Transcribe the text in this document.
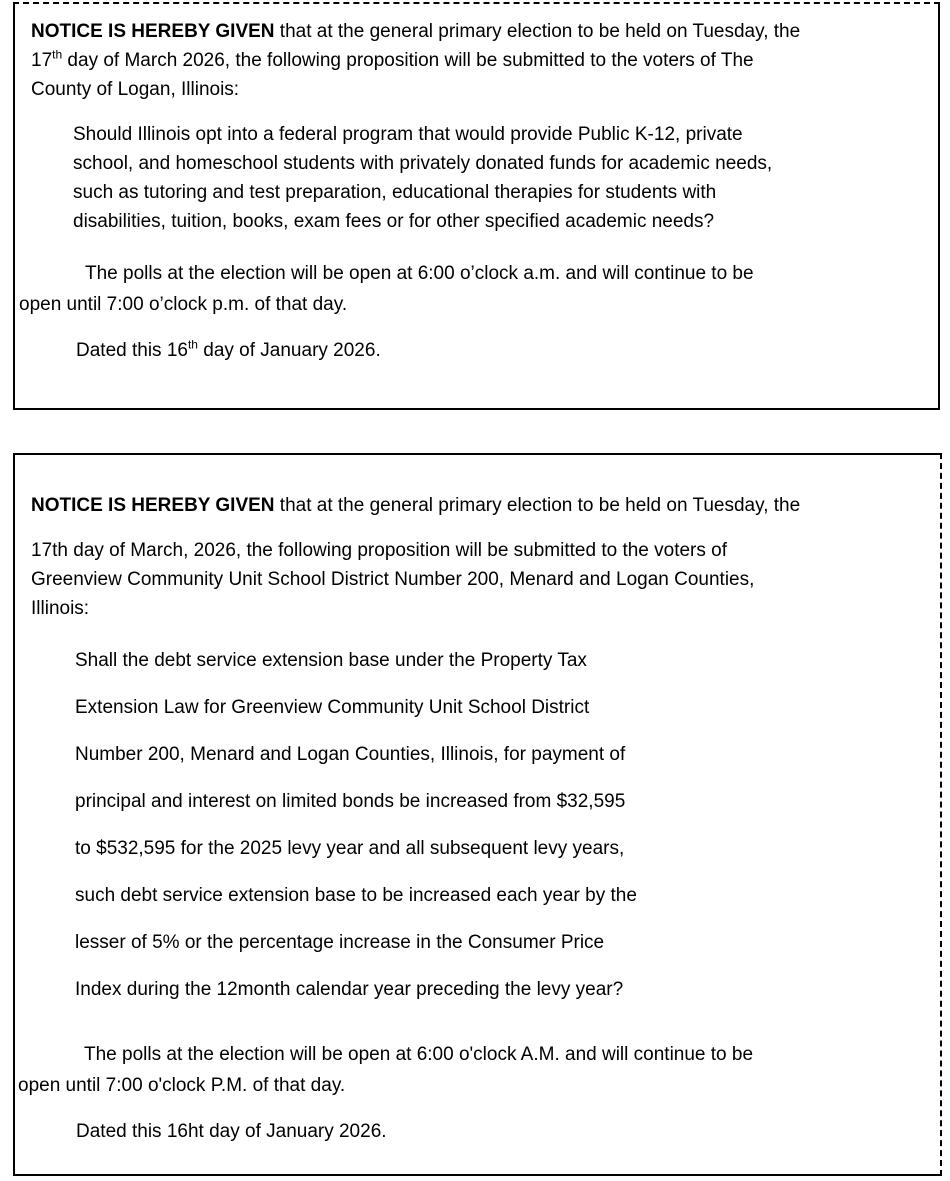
NOTICE IS HEREBY GIVEN that at the general primary election to be held on Tuesday, the
17th day of March 2026, the following proposition will be submitted to the voters of The
County of Logan, Illinois:
Should Illinois opt into a federal program that would provide Public K-12, private
school, and homeschool students with privately donated funds for academic needs,
such as tutoring and test preparation, educational therapies for students with
disabilities, tuition, books, exam fees or for other specified academic needs?
The polls at the election will be open at 6:00 o’clock a.m. and will continue to be
open until 7:00 o’clock p.m. of that day.
Dated this 16th day of January 2026.
NOTICE IS HEREBY GIVEN that at the general primary election to be held on Tuesday, the
17th day of March, 2026, the following proposition will be submitted to the voters of
Greenview Community Unit School District Number 200, Menard and Logan Counties,
Illinois:
Shall the debt service extension base under the Property Tax
Extension Law for Greenview Community Unit School District
Number 200, Menard and Logan Counties, Illinois, for payment of
principal and interest on limited bonds be increased from $32,595
to $532,595 for the 2025 levy year and all subsequent levy years,
such debt service extension base to be increased each year by the
lesser of 5% or the percentage increase in the Consumer Price
Index during the 12month calendar year preceding the levy year?
The polls at the election will be open at 6:00 o'clock A.M. and will continue to be
open until 7:00 o'clock P.M. of that day.
Dated this 16ht day of January 2026.
